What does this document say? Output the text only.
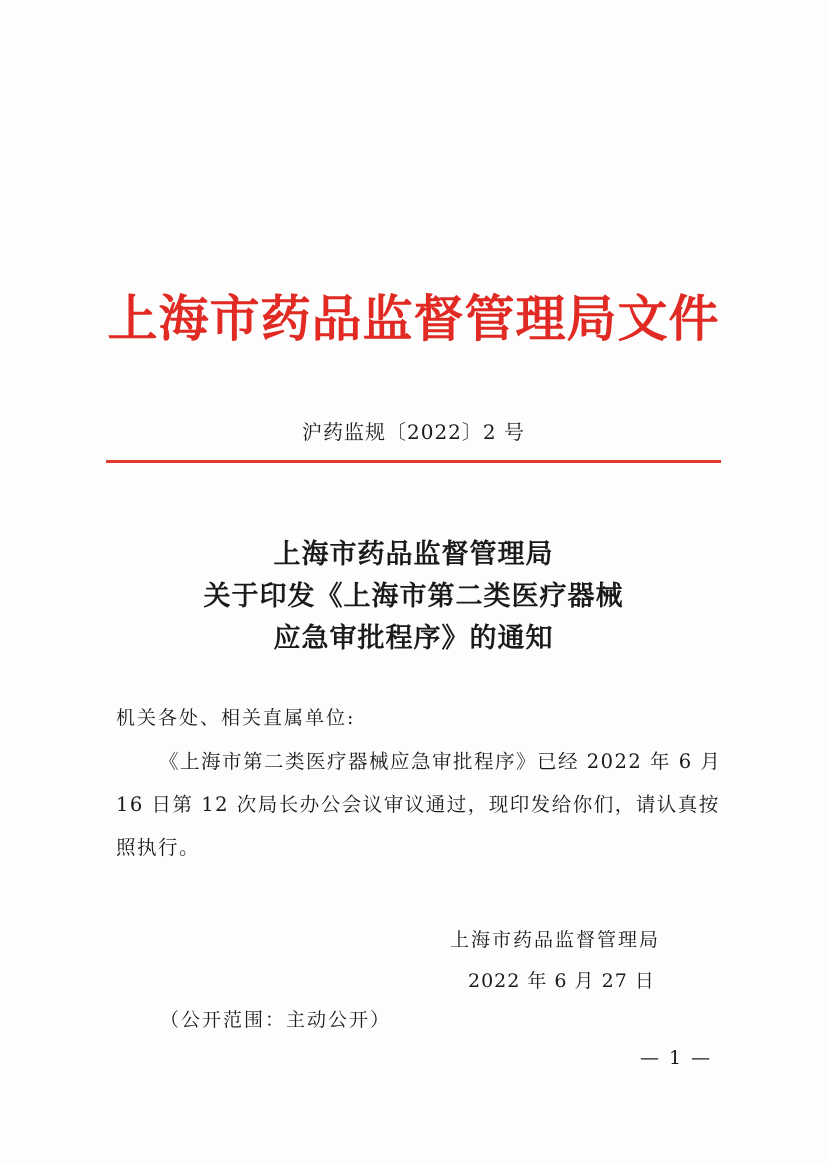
上海市药品监督管理局文件
沪药监规〔2022〕2 号
上海市药品监督管理局
关于印发《上海市第二类医疗器械
应急审批程序》的通知
机关各处、相关直属单位:
《上海市第二类医疗器械应急审批程序》已经 2022 年 6 月
16 日第 12 次局长办公会议审议通过，现印发给你们，请认真按
照执行。
上海市药品监督管理局
2022 年 6 月 27 日
（公开范围：主动公开）
— 1 —
